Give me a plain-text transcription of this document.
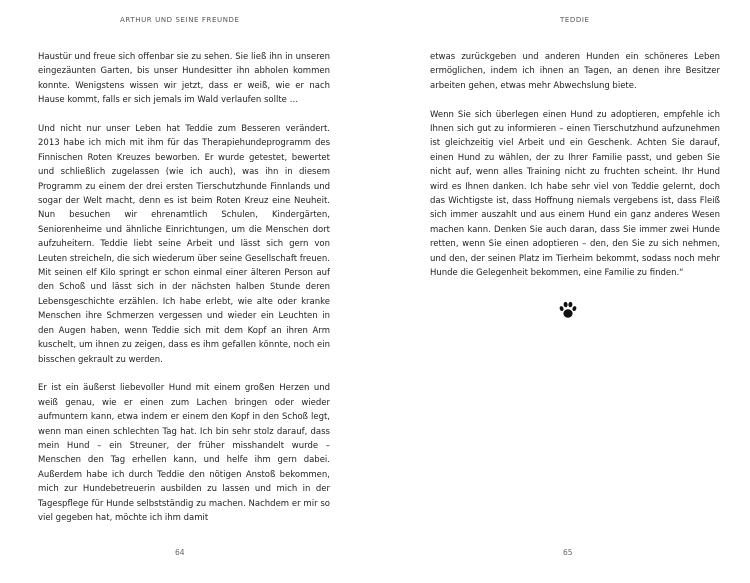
ARTHUR UND SEINE FREUNDE

Haustür und freue sich offenbar sie zu sehen. Sie ließ ihn in unseren eingezäunten Garten, bis unser Hundesitter ihn abholen kommen konnte. Wenigstens wissen wir jetzt, dass er weiß, wie er nach Hause kommt, falls er sich jemals im Wald verlaufen sollte …

Und nicht nur unser Leben hat Teddie zum Besseren verändert. 2013 habe ich mich mit ihm für das Therapiehundeprogramm des Finnischen Roten Kreuzes beworben. Er wurde getestet, bewertet und schließlich zugelassen (wie ich auch), was ihn in diesem Programm zu einem der drei ersten Tierschutzhunde Finnlands und sogar der Welt macht, denn es ist beim Roten Kreuz eine Neuheit. Nun besuchen wir ehrenamtlich Schulen, Kindergärten, Seniorenheime und ähnliche Einrichtungen, um die Menschen dort aufzuheitern. Teddie liebt seine Arbeit und lässt sich gern von Leuten streicheln, die sich wiederum über seine Gesellschaft freuen. Mit seinen elf Kilo springt er schon einmal einer älteren Person auf den Schoß und lässt sich in der nächsten halben Stunde deren Lebensgeschichte erzählen. Ich habe erlebt, wie alte oder kranke Menschen ihre Schmerzen vergessen und wieder ein Leuchten in den Augen haben, wenn Teddie sich mit dem Kopf an ihren Arm kuschelt, um ihnen zu zeigen, dass es ihm gefallen könnte, noch ein bisschen gekrault zu werden.

Er ist ein äußerst liebevoller Hund mit einem großen Herzen und weiß genau, wie er einen zum Lachen bringen oder wieder aufmuntern kann, etwa indem er einem den Kopf in den Schoß legt, wenn man einen schlechten Tag hat. Ich bin sehr stolz darauf, dass mein Hund – ein Streuner, der früher misshandelt wurde – Menschen den Tag erhellen kann, und helfe ihm gern dabei. Außerdem habe ich durch Teddie den nötigen Anstoß bekommen, mich zur Hundebetreuerin ausbilden zu lassen und mich in der Tagespflege für Hunde selbstständig zu machen. Nachdem er mir so viel gegeben hat, möchte ich ihm damit

64
TEDDIE

etwas zurückgeben und anderen Hunden ein schöneres Leben ermöglichen, indem ich ihnen an Tagen, an denen ihre Besitzer arbeiten gehen, etwas mehr Abwechslung biete.

Wenn Sie sich überlegen einen Hund zu adoptieren, empfehle ich Ihnen sich gut zu informieren – einen Tierschutzhund aufzunehmen ist gleichzeitig viel Arbeit und ein Geschenk. Achten Sie darauf, einen Hund zu wählen, der zu Ihrer Familie passt, und geben Sie nicht auf, wenn alles Training nicht zu fruchten scheint. Ihr Hund wird es Ihnen danken. Ich habe sehr viel von Teddie gelernt, doch das Wichtigste ist, dass Hoffnung niemals vergebens ist, dass Fleiß sich immer auszahlt und aus einem Hund ein ganz anderes Wesen machen kann. Denken Sie auch daran, dass Sie immer zwei Hunde retten, wenn Sie einen adoptieren – den, den Sie zu sich nehmen, und den, der seinen Platz im Tierheim bekommt, sodass noch mehr Hunde die Gelegenheit bekommen, eine Familie zu finden.“

65
